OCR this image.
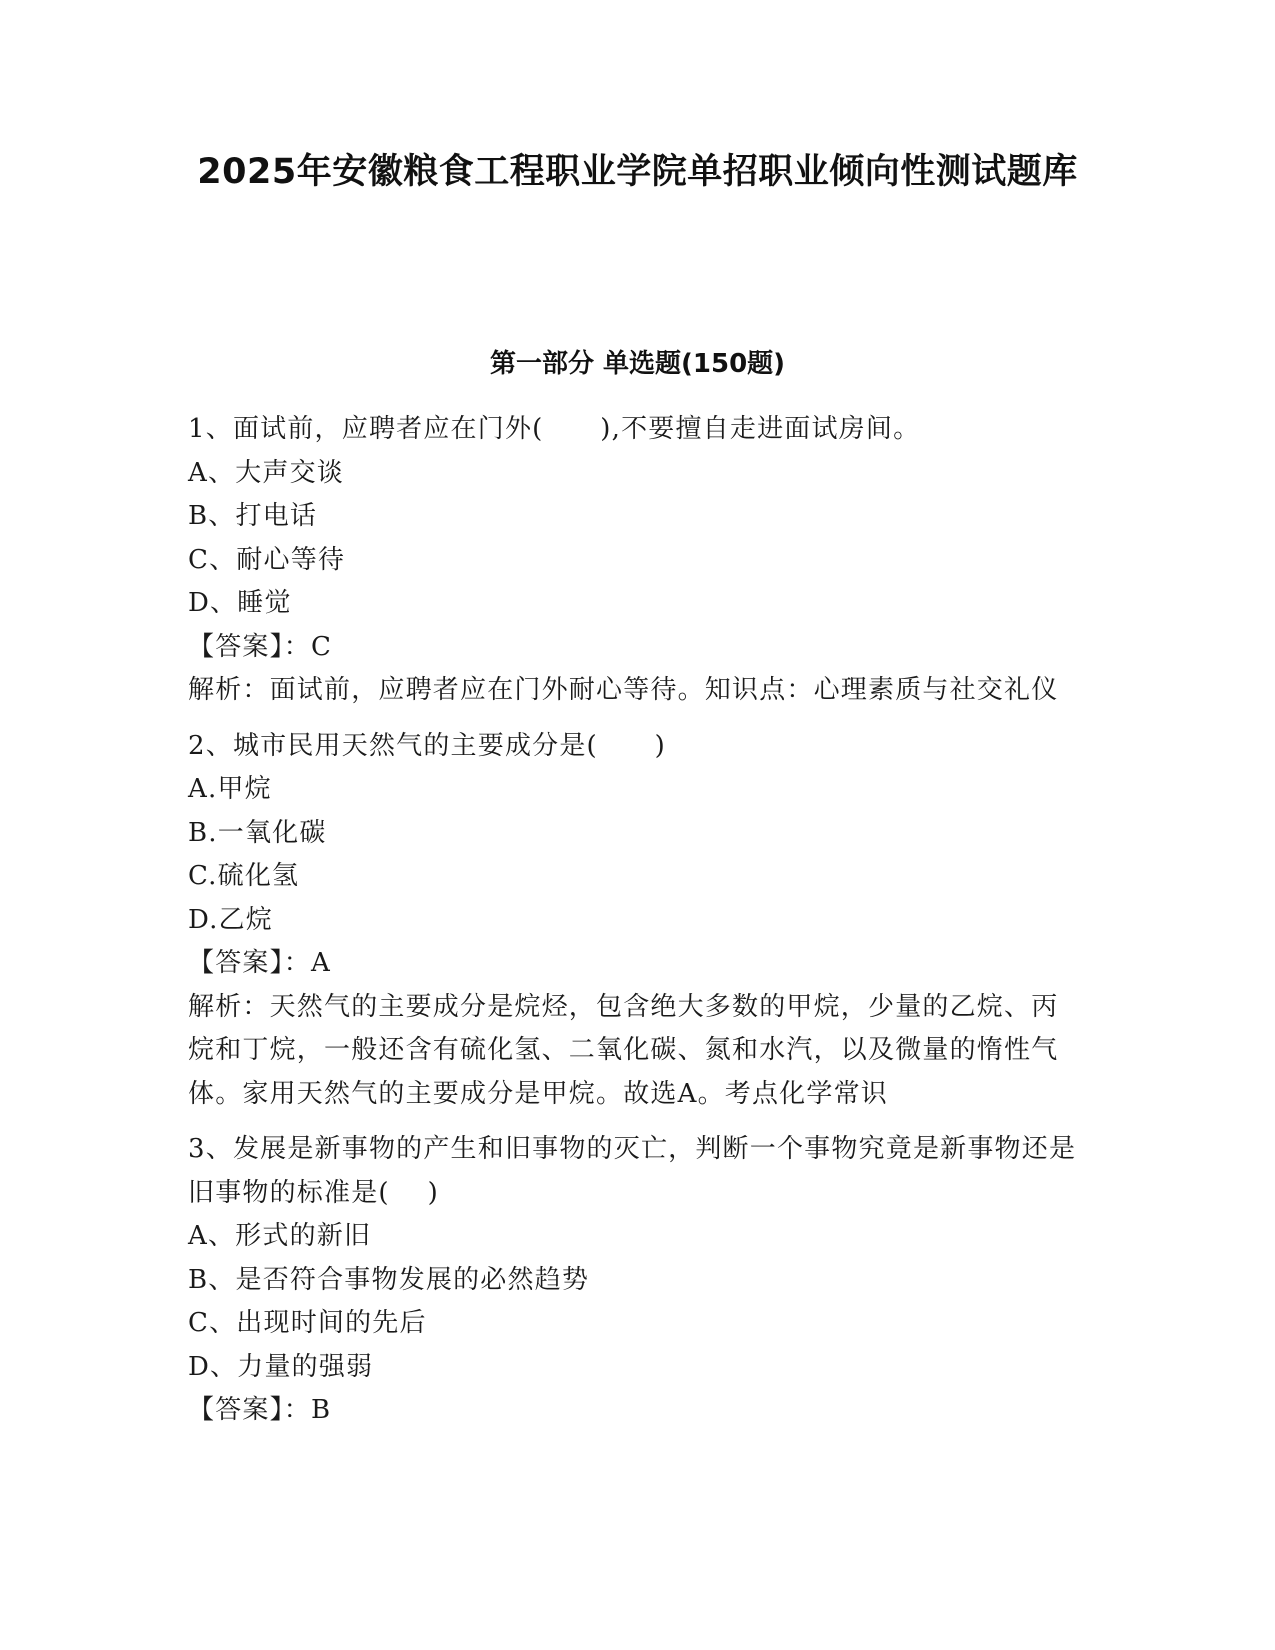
2025年安徽粮食工程职业学院单招职业倾向性测试题库
第一部分 单选题(150题)
1、面试前，应聘者应在门外(      ),不要擅自走进面试房间。
A、大声交谈
B、打电话
C、耐心等待
D、睡觉
【答案】：C
解析：面试前，应聘者应在门外耐心等待。知识点：心理素质与社交礼仪
2、城市民用天然气的主要成分是(      )
A.甲烷
B.一氧化碳
C.硫化氢
D.乙烷
【答案】：A
解析：天然气的主要成分是烷烃，包含绝大多数的甲烷，少量的乙烷、丙烷和丁烷，一般还含有硫化氢、二氧化碳、氮和水汽，以及微量的惰性气体。家用天然气的主要成分是甲烷。故选A。考点化学常识
3、发展是新事物的产生和旧事物的灭亡，判断一个事物究竟是新事物还是旧事物的标准是(    )
A、形式的新旧
B、是否符合事物发展的必然趋势
C、出现时间的先后
D、力量的强弱
【答案】：B
